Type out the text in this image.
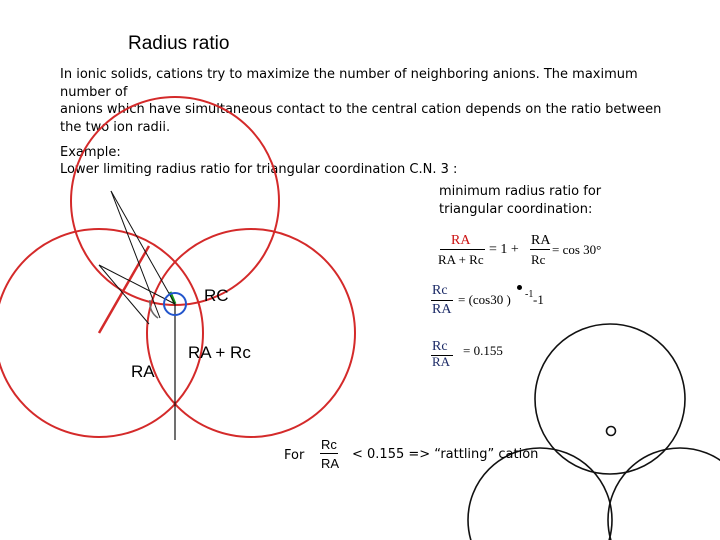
Radius ratio
In ionic solids, cations try to maximize the number of neighboring anions. The maximum
number of
anions which have simultaneous contact to the central cation depends on the ratio between
the two ion radii.
Example:
Lower limiting radius ratio for triangular coordination C.N. 3 :
minimum radius ratio for
triangular coordination:
RC
RA
RA + Rc
RA
RA + Rc
= 1 +
RA
Rc
= cos 30°
Rc
RA
= (cos30 ) -1 -1
Rc
RA
= 0.155
For
Rc
RA
< 0.155 => “rattling” cation
